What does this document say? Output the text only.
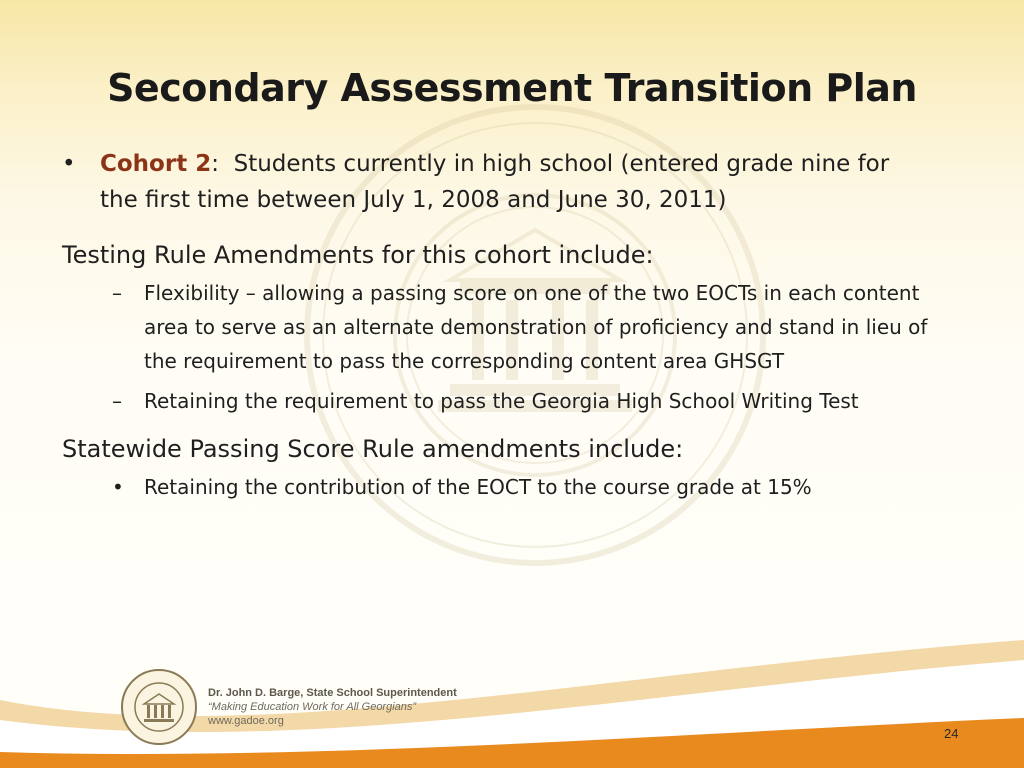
Secondary Assessment Transition Plan
• Cohort 2:  Students currently in high school (entered grade nine for the first time between July 1, 2008 and June 30, 2011)
Testing Rule Amendments for this cohort include:
– Flexibility – allowing a passing score on one of the two EOCTs in each content area to serve as an alternate demonstration of proficiency and stand in lieu of the requirement to pass the corresponding content area GHSGT
– Retaining the requirement to pass the Georgia High School Writing Test
Statewide Passing Score Rule amendments include:
• Retaining the contribution of the EOCT to the course grade at 15%
Dr. John D. Barge, State School Superintendent
“Making Education Work for All Georgians”
www.gadoe.org
24
